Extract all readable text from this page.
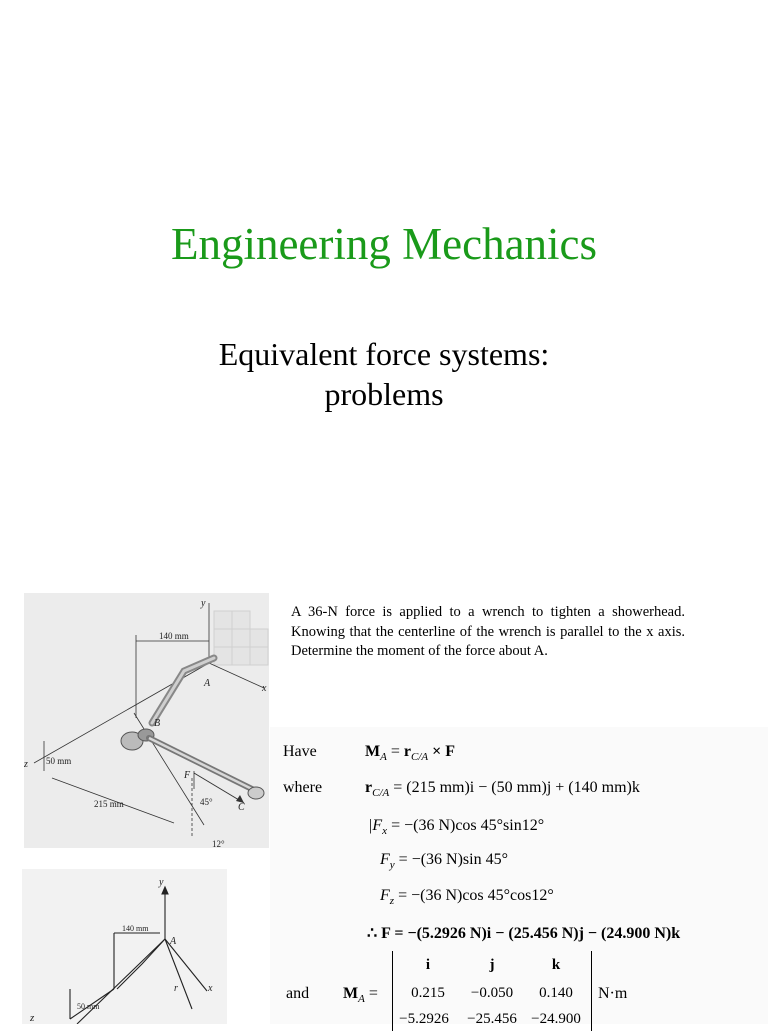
Engineering Mechanics
Equivalent force systems:
problems
y
x
z
140 mm
50 mm
215 mm
A
B
C
F
45°
12°
y
x
z
A
140 mm
50 mm
r
A 36-N force is applied to a wrench to tighten a showerhead. Knowing that the centerline of the wrench is parallel to the x axis. Determine the moment of the force about A.
Have	$M_A = r_{C/A} \times F$
where	$r_{C/A} = (215$ mm)i − (50 mm)j + (140 mm)k
$|F_x = -(36$ N)cos 45°sin12°
$F_y = -(36$ N)sin 45°
$F_z = -(36$ N)cos 45°cos12°
∴ F = −(5.2926 N)i − (25.456 N)j − (24.900 N)k
and $M_A$ =
i	j	k
0.215	−0.050	0.140
−5.2926	−25.456 −24.900
N·m
